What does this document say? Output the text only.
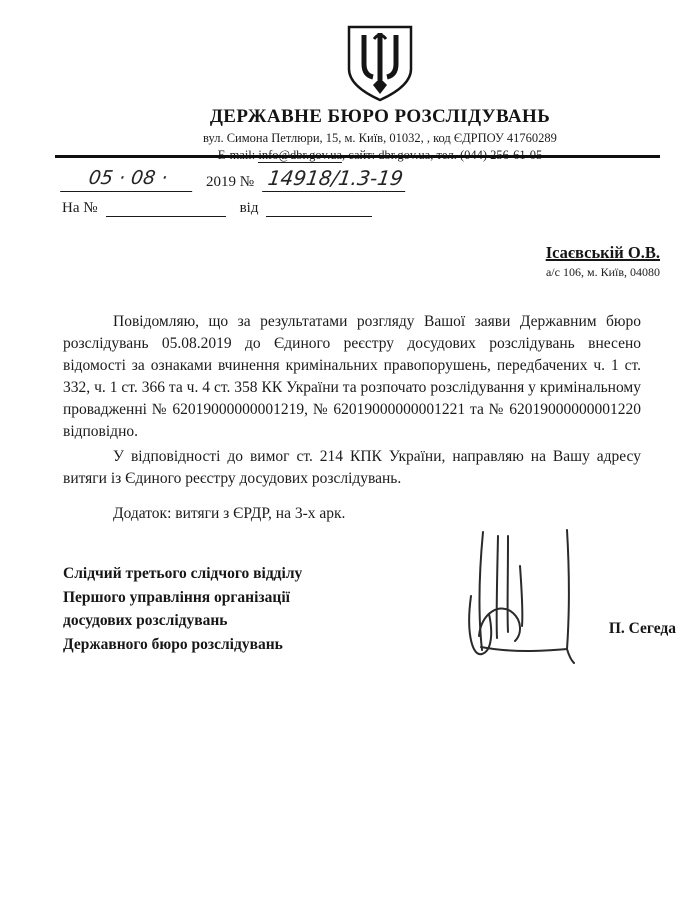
ДЕРЖАВНЕ БЮРО РОЗСЛІДУВАНЬ
вул. Симона Петлюри, 15, м. Київ, 01032, , код ЄДРПОУ 41760289
05 · 08 ·	2019 № 14918/1.3-19
На №	від
Ісаєвській О.В.
а/с 106, м. Київ, 04080

Повідомляю, що за результатами розгляду Вашої заяви Державним бюро розслідувань 05.08.2019 до Єдиного реєстру досудових розслідувань внесено відомості за ознаками вчинення кримінальних правопорушень, передбачених ч. 1 ст. 332, ч. 1 ст. 366 та ч. 4 ст. 358 КК України та розпочато розслідування у кримінальному провадженні № 62019000000001219, № 62019000000001221 та № 62019000000001220 відповідно.

У відповідності до вимог ст. 214 КПК України, направляю на Вашу адресу витяги із Єдиного реєстру досудових розслідувань.

Додаток: витяги з ЄРДР, на 3-х арк.

Слідчий третього слідчого відділу
Першого управління організації
досудових розслідувань
Державного бюро розслідувань
П. Сегеда
